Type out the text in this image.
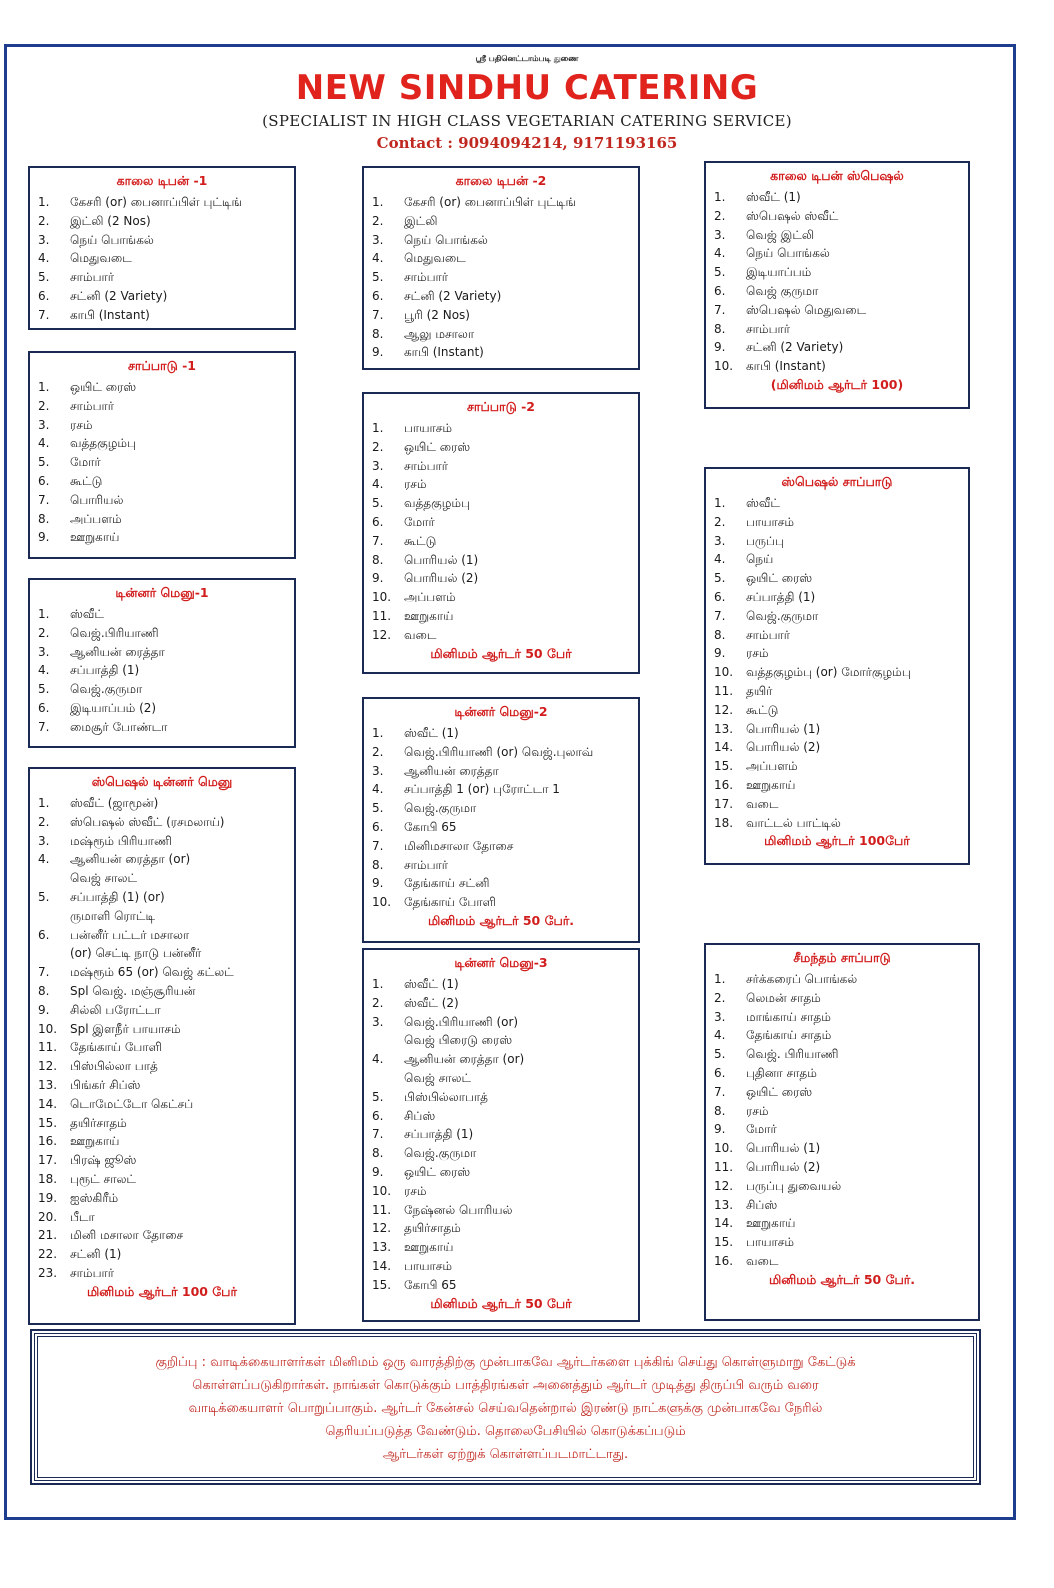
ஸ்ரீ பதினெட்டாம்படி துணை
NEW SINDHU CATERING
(SPECIALIST IN HIGH CLASS VEGETARIAN CATERING SERVICE)
Contact : 9094094214, 9171193165
காலை டிபன் -1
1.	கேசரி (or) பைனாப்பிள் புட்டிங்
2.	இட்லி (2 Nos)
3.	நெய் பொங்கல்
4.	மெதுவடை
5.	சாம்பார்
6.	சட்னி (2 Variety)
7.	காபி (Instant)
காலை டிபன் -2
1.	கேசரி (or) பைனாப்பிள் புட்டிங்
2.	இட்லி
3.	நெய் பொங்கல்
4.	மெதுவடை
5.	சாம்பார்
6.	சட்னி (2 Variety)
7.	பூரி (2 Nos)
8.	ஆலு மசாலா
9.	காபி (Instant)
காலை டிபன் ஸ்பெஷல்
1.	ஸ்வீட் (1)
2.	ஸ்பெஷல் ஸ்வீட்
3.	வெஜ் இட்லி
4.	நெய் பொங்கல்
5.	இடியாப்பம்
6.	வெஜ் குருமா
7.	ஸ்பெஷல் மெதுவடை
8.	சாம்பார்
9.	சட்னி (2 Variety)
10.	காபி (Instant)
(மினிமம் ஆர்டர் 100)
சாப்பாடு -1
1.	ஒயிட் ரைஸ்
2.	சாம்பார்
3.	ரசம்
4.	வத்தகுழம்பு
5.	மோர்
6.	கூட்டு
7.	பொரியல்
8.	அப்பளம்
9.	ஊறுகாய்
சாப்பாடு -2
1.	பாயாசம்
2.	ஒயிட் ரைஸ்
3.	சாம்பார்
4.	ரசம்
5.	வத்தகுழம்பு
6.	மோர்
7.	கூட்டு
8.	பொரியல் (1)
9.	பொரியல் (2)
10.	அப்பளம்
11.	ஊறுகாய்
12.	வடை
மினிமம் ஆர்டர் 50 பேர்
ஸ்பெஷல் சாப்பாடு
1.	ஸ்வீட்
2.	பாயாசம்
3.	பருப்பு
4.	நெய்
5.	ஒயிட் ரைஸ்
6.	சப்பாத்தி (1)
7.	வெஜ்.குருமா
8.	சாம்பார்
9.	ரசம்
10.	வத்தகுழம்பு (or) மோர்குழம்பு
11.	தயிர்
12.	கூட்டு
13.	பொரியல் (1)
14.	பொரியல் (2)
15.	அப்பளம்
16.	ஊறுகாய்
17.	வடை
18.	வாட்டல் பாட்டில்
மினிமம் ஆர்டர் 100பேர்
டின்னர் மெனு-1
1.	ஸ்வீட்
2.	வெஜ்.பிரியாணி
3.	ஆனியன் ரைத்தா
4.	சப்பாத்தி (1)
5.	வெஜ்.குருமா
6.	இடியாப்பம் (2)
7.	மைசூர் போண்டா
டின்னர் மெனு-2
1.	ஸ்வீட் (1)
2.	வெஜ்.பிரியாணி (or) வெஜ்.புலாவ்
3.	ஆனியன் ரைத்தா
4.	சப்பாத்தி 1 (or) புரோட்டா 1
5.	வெஜ்.குருமா
6.	கோபி 65
7.	மினிமசாலா தோசை
8.	சாம்பார்
9.	தேங்காய் சட்னி
10.	தேங்காய் போளி
மினிமம் ஆர்டர் 50 பேர்.
ஸ்பெஷல் டின்னர் மெனு
1.	ஸ்வீட் (ஜாமூன்)
2.	ஸ்பெஷல் ஸ்வீட் (ரசமலாய்)
3.	மஷ்ரூம் பிரியாணி
4.	ஆனியன் ரைத்தா (or)
வெஜ் சாலட்
5.	சப்பாத்தி (1) (or)
ருமாளி ரொட்டி
6.	பன்னீர் பட்டர் மசாலா
(or) செட்டி நாடு பன்னீர்
7.	மஷ்ரூம் 65 (or) வெஜ் கட்லட்
8.	Spl வெஜ். மஞ்சூரியன்
9.	சில்லி பரோட்டா
10.	Spl இளநீர் பாயாசம்
11.	தேங்காய் போளி
12.	பிஸ்பில்லா பாத்
13.	பிங்கர் சிப்ஸ்
14.	டொமேட்டோ கெட்சப்
15.	தயிர்சாதம்
16.	ஊறுகாய்
17.	பிரஷ் ஜூஸ்
18.	புரூட் சாலட்
19.	ஐஸ்கிரீம்
20.	பீடா
21.	மினி மசாலா தோசை
22.	சட்னி (1)
23.	சாம்பார்
மினிமம் ஆர்டர் 100 பேர்
டின்னர் மெனு-3
1.	ஸ்வீட் (1)
2.	ஸ்வீட் (2)
3.	வெஜ்.பிரியாணி (or)
வெஜ் பிரைடு ரைஸ்
4.	ஆனியன் ரைத்தா (or)
வெஜ் சாலட்
5.	பிஸ்பில்லாபாத்
6.	சிப்ஸ்
7.	சப்பாத்தி (1)
8.	வெஜ்.குருமா
9.	ஒயிட் ரைஸ்
10.	ரசம்
11.	நேஷ்னல் பொரியல்
12.	தயிர்சாதம்
13.	ஊறுகாய்
14.	பாயாசம்
15.	கோபி 65
மினிமம் ஆர்டர் 50 பேர்
சீமந்தம் சாப்பாடு
1.	சர்க்கரைப் பொங்கல்
2.	லெமன் சாதம்
3.	மாங்காய் சாதம்
4.	தேங்காய் சாதம்
5.	வெஜ். பிரியாணி
6.	புதினா சாதம்
7.	ஒயிட் ரைஸ்
8.	ரசம்
9.	மோர்
10.	பொரியல் (1)
11.	பொரியல் (2)
12.	பருப்பு துவையல்
13.	சிப்ஸ்
14.	ஊறுகாய்
15.	பாயாசம்
16.	வடை
மினிமம் ஆர்டர் 50 பேர்.
குறிப்பு : வாடிக்கையாளர்கள் மினிமம் ஒரு வாரத்திற்கு முன்பாகவே ஆர்டர்களை புக்கிங் செய்து கொள்ளுமாறு கேட்டுக்
கொள்ளப்படுகிறார்கள். நாங்கள் கொடுக்கும் பாத்திரங்கள் அனைத்தும் ஆர்டர் முடித்து திருப்பி வரும் வரை
வாடிக்கையாளர் பொறுப்பாகும். ஆர்டர் கேன்சல் செய்வதென்றால் இரண்டு நாட்களுக்கு முன்பாகவே நேரில்
தெரியப்படுத்த வேண்டும். தொலைபேசியில் கொடுக்கப்படும்
ஆர்டர்கள் ஏற்றுக் கொள்ளப்படமாட்டாது.
